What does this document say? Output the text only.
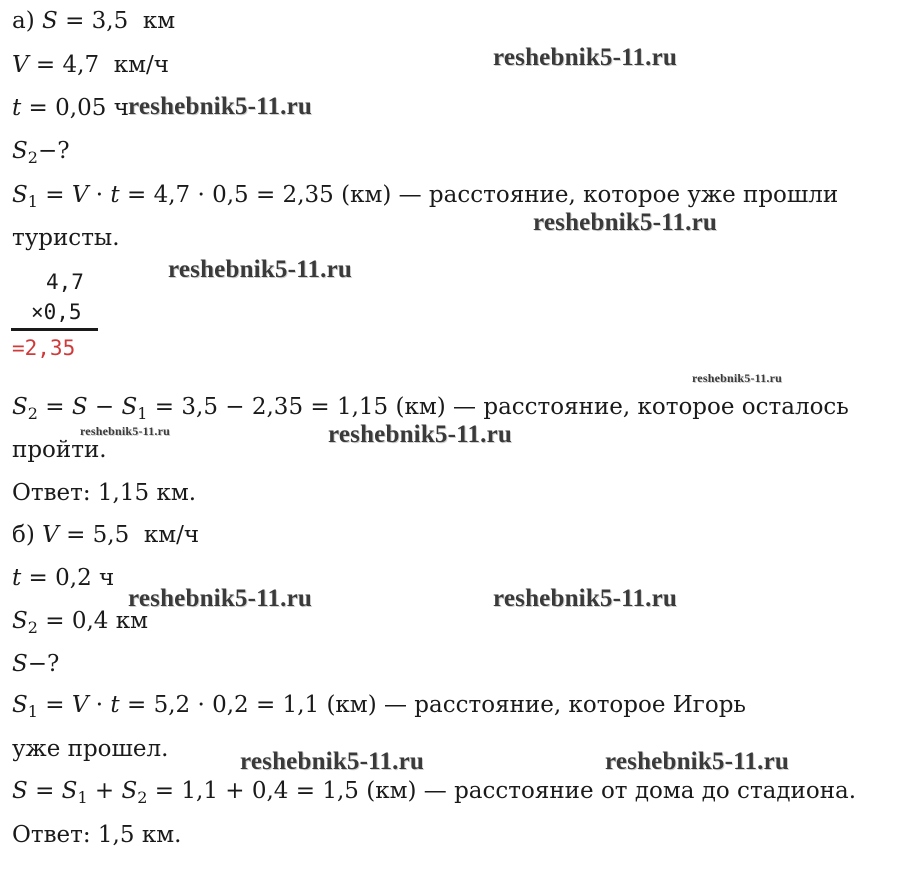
а) S = 3,5 км
V = 4,7 км/ч
t = 0,05 ч
$S_2-$?
$S_1 = V \cdot t = 4,7 \cdot 0,5 = 2,35$ (км) — расстояние, которое уже прошли
туристы.
4,7
×0,5
=2,35
$S_2 = S - S_1 = 3,5 - 2,35 = 1,15$ (км) — расстояние, которое осталось
пройти.
Ответ: 1,15 км.
б) V = 5,5 км/ч
t = 0,2 ч
$S_2 = 0,4$ км
S−?
$S_1 = V \cdot t = 5,2 \cdot 0,2 = 1,1$ (км) — расстояние, которое Игорь
уже прошел.
$S = S_1 + S_2 = 1,1 + 0,4 = 1,5$ (км) — расстояние от дома до стадиона.
Ответ: 1,5 км.
reshebnik5-11.ru
reshebnik5-11.ru
reshebnik5-11.ru
reshebnik5-11.ru
reshebnik5-11.ru
reshebnik5-11.ru	reshebnik5-11.ru
reshebnik5-11.ru	reshebnik5-11.ru
reshebnik5-11.ru	reshebnik5-11.ru
